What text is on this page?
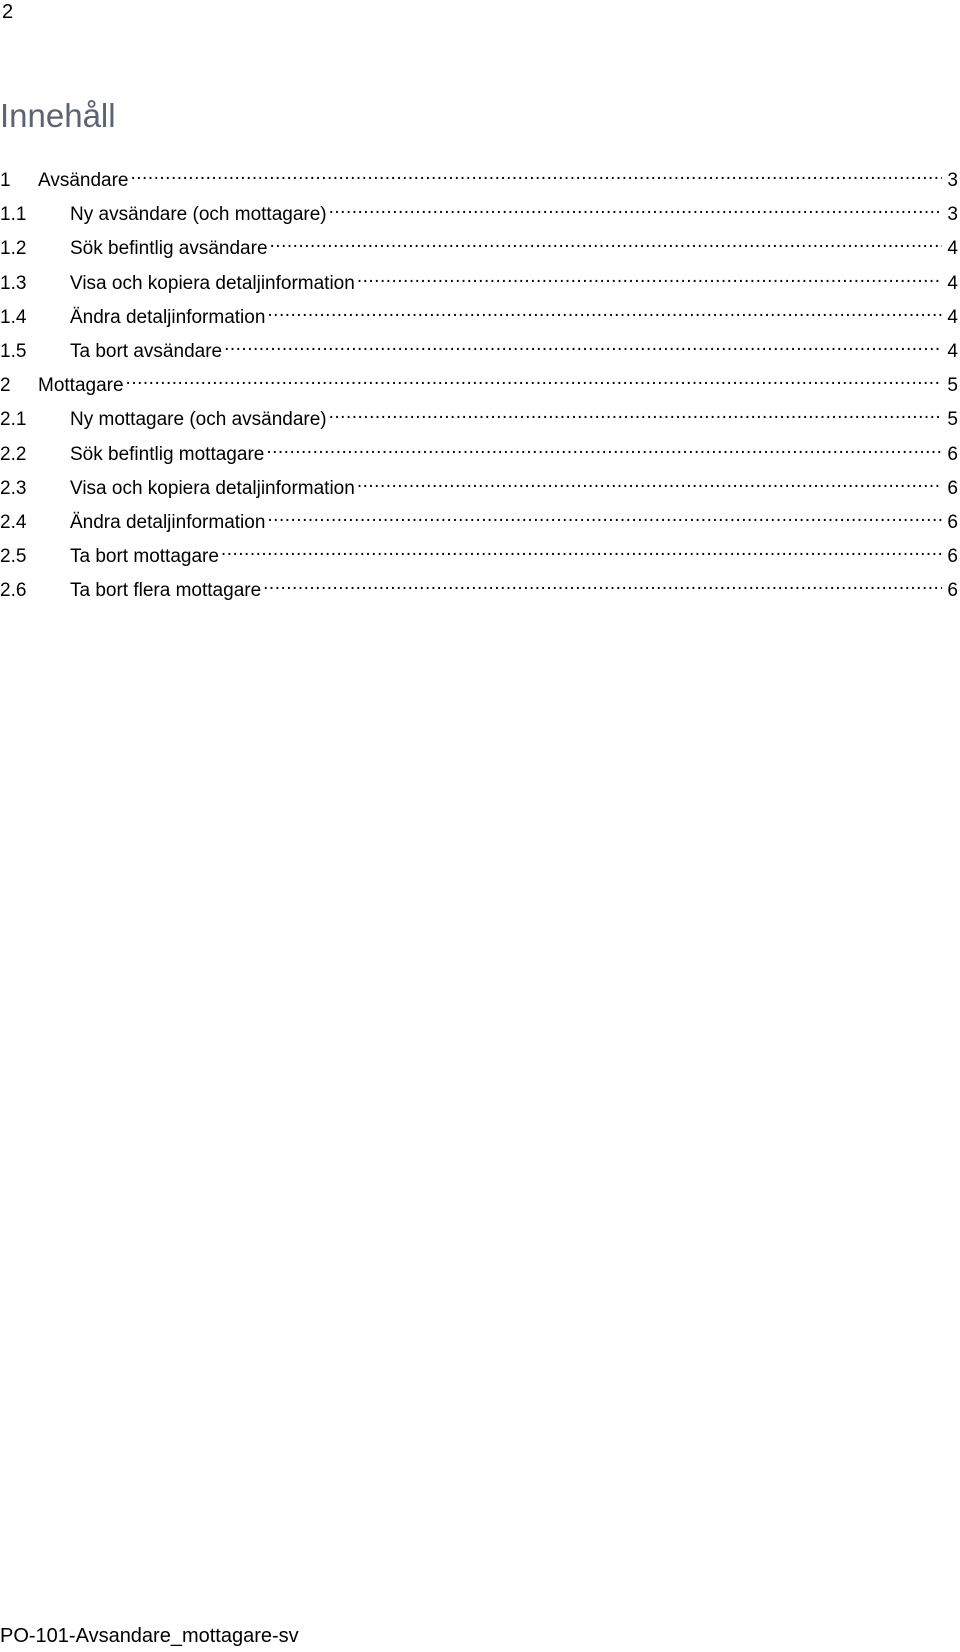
2
Innehåll
1	Avsändare .....	3
1.1	Ny avsändare (och mottagare) .....	3
1.2	Sök befintlig avsändare .....	4
1.3	Visa och kopiera detaljinformation .....	4
1.4	Ändra detaljinformation .....	4
1.5	Ta bort avsändare .....	4
2	Mottagare .....	5
2.1	Ny mottagare (och avsändare) .....	5
2.2	Sök befintlig mottagare .....	6
2.3	Visa och kopiera detaljinformation .....	6
2.4	Ändra detaljinformation .....	6
2.5	Ta bort mottagare .....	6
2.6	Ta bort flera mottagare .....	6
PO-101-Avsandare_mottagare-sv
